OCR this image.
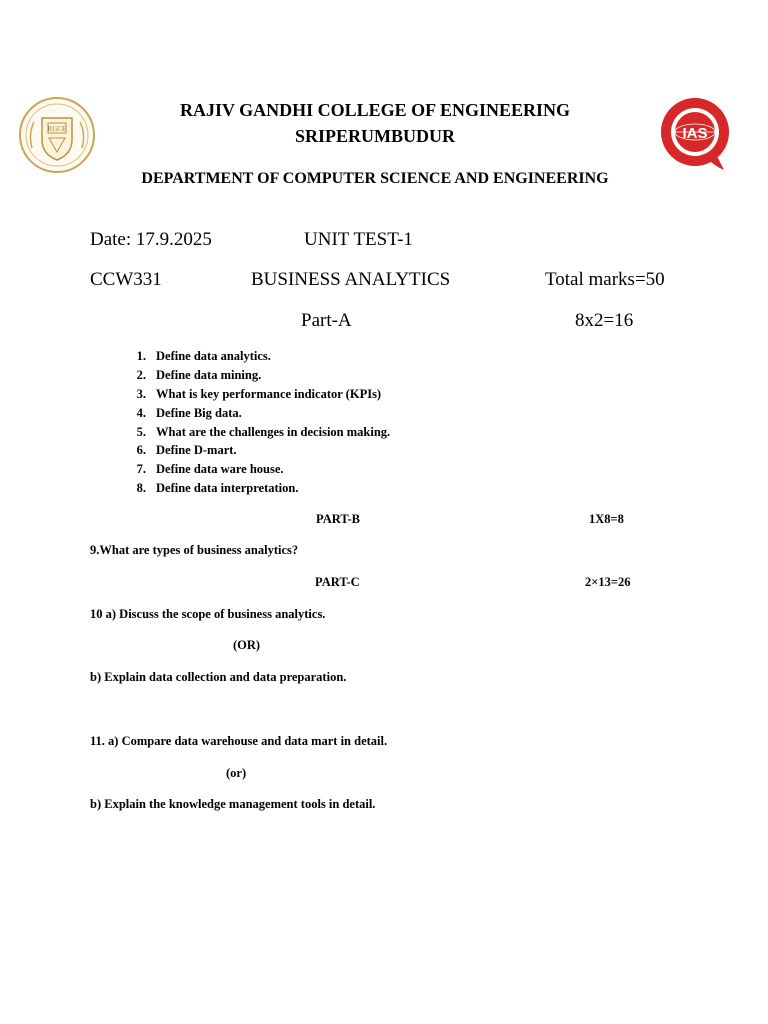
RGCE	IAS

RAJIV GANDHI COLLEGE OF ENGINEERING

SRIPERUMBUDUR

DEPARTMENT OF COMPUTER SCIENCE AND ENGINEERING

Date: 17.9.2025	UNIT TEST-1

CCW331	BUSINESS ANALYTICS	Total marks=50

Part-A	8x2=16

1. Define data analytics.
2. Define data mining.
3. What is key performance indicator (KPIs)
4. Define Big data.
5. What are the challenges in decision making.
6. Define D-mart.
7. Define data ware house.
8. Define data interpretation.

PART-B	1X8=8

9.What are types of business analytics?

PART-C	2×13=26

10 a) Discuss the scope of business analytics.

(OR)

b) Explain data collection and data preparation.

11. a) Compare data warehouse and data mart in detail.

(or)

b) Explain the knowledge management tools in detail.
